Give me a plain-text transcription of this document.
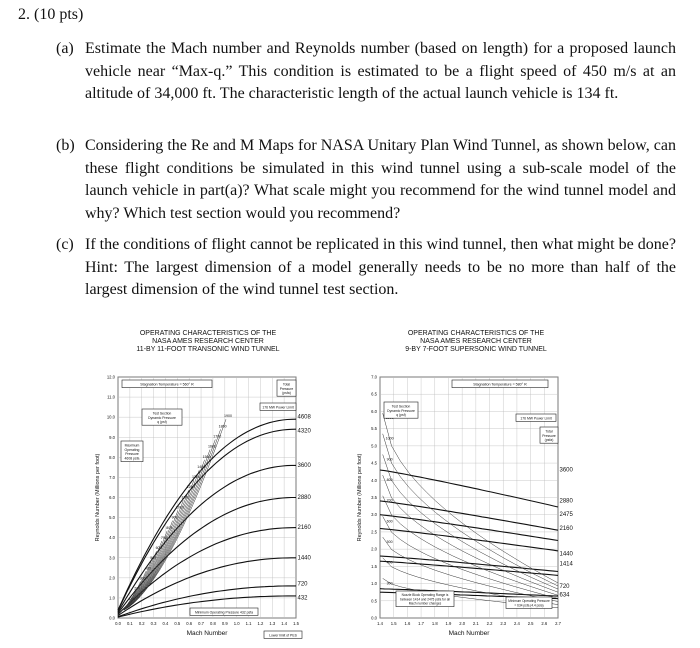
2. (10 pts)
(a) Estimate the Mach number and Reynolds number (based on length) for a proposed launch vehicle near “Max-q.” This condition is estimated to be a flight speed of 450 m/s at an altitude of 34,000 ft. The characteristic length of the actual launch vehicle is 134 ft.
(b) Considering the Re and M Maps for NASA Unitary Plan Wind Tunnel, as shown below, can these flight conditions be simulated in this wind tunnel using a sub-scale model of the launch vehicle in part(a)? What scale might you recommend for the wind tunnel model and why? Which test section would you recommend?
(c) If the conditions of flight cannot be replicated in this wind tunnel, then what might be done? Hint: The largest dimension of a model generally needs to be no more than half of the largest dimension of the wind tunnel test section.
OPERATING CHARACTERISTICS OF THE
NASA AMES RESEARCH CENTER
11-BY 11-FOOT TRANSONIC WIND TUNNEL
0.0 0.1 0.2 0.3 0.4 0.5 0.6 0.7 0.8 0.9 1.0 1.1 1.2 1.3 1.4 1.5
0.0
1.0
2.0
3.0
4.0
5.0
6.0
7.0
8.0
9.0
10.0
11.0
12.0
Mach Number
Reynolds Number (Millions per foot)
4608
4320
3600
2880
2160
1440
720
432
100
200
300
400
500
600
700
800
900
1000
1100
1200
1300
1400
1500
1600
1700
1800
1900
Stagnation Temperature = 560° R	Total
Pressure
(psfa)
176 MW Power Limit
Test Section
Dynamic Pressure
q (psf)
Maximum
Operating
Pressure
4608 psfa
Minimum Operating Pressure 432 psfa
Lower limit of PES
OPERATING CHARACTERISTICS OF THE
NASA AMES RESEARCH CENTER
9-BY 7-FOOT SUPERSONIC WIND TUNNEL
1.4 1.5 1.6 1.7 1.8 1.9 2.0 2.1 2.2 2.3 2.4 2.5 2.6 2.7
0.0
0.5
1.0
1.5
2.0
2.5
3.0
3.5
4.0
4.5
5.0
5.5
6.0
6.5
7.0
Mach Number
Reynolds Number (Millions per foot)	3600
2880
2475
2160
1440
1414
720
634
1000
900
800
700
600
500
400
300
Stagnation Temperature = 580° R
Test Section
Dynamic Pressure
q (psf)
176 MW Power Limit
Total
Pressure
(psfa)
Nozzle Block Operating Range is
between 1414 and 2475 psfa for all
Mach number changes
Minimum Operating Pressure
= 634 psfa (4.4 psia)
